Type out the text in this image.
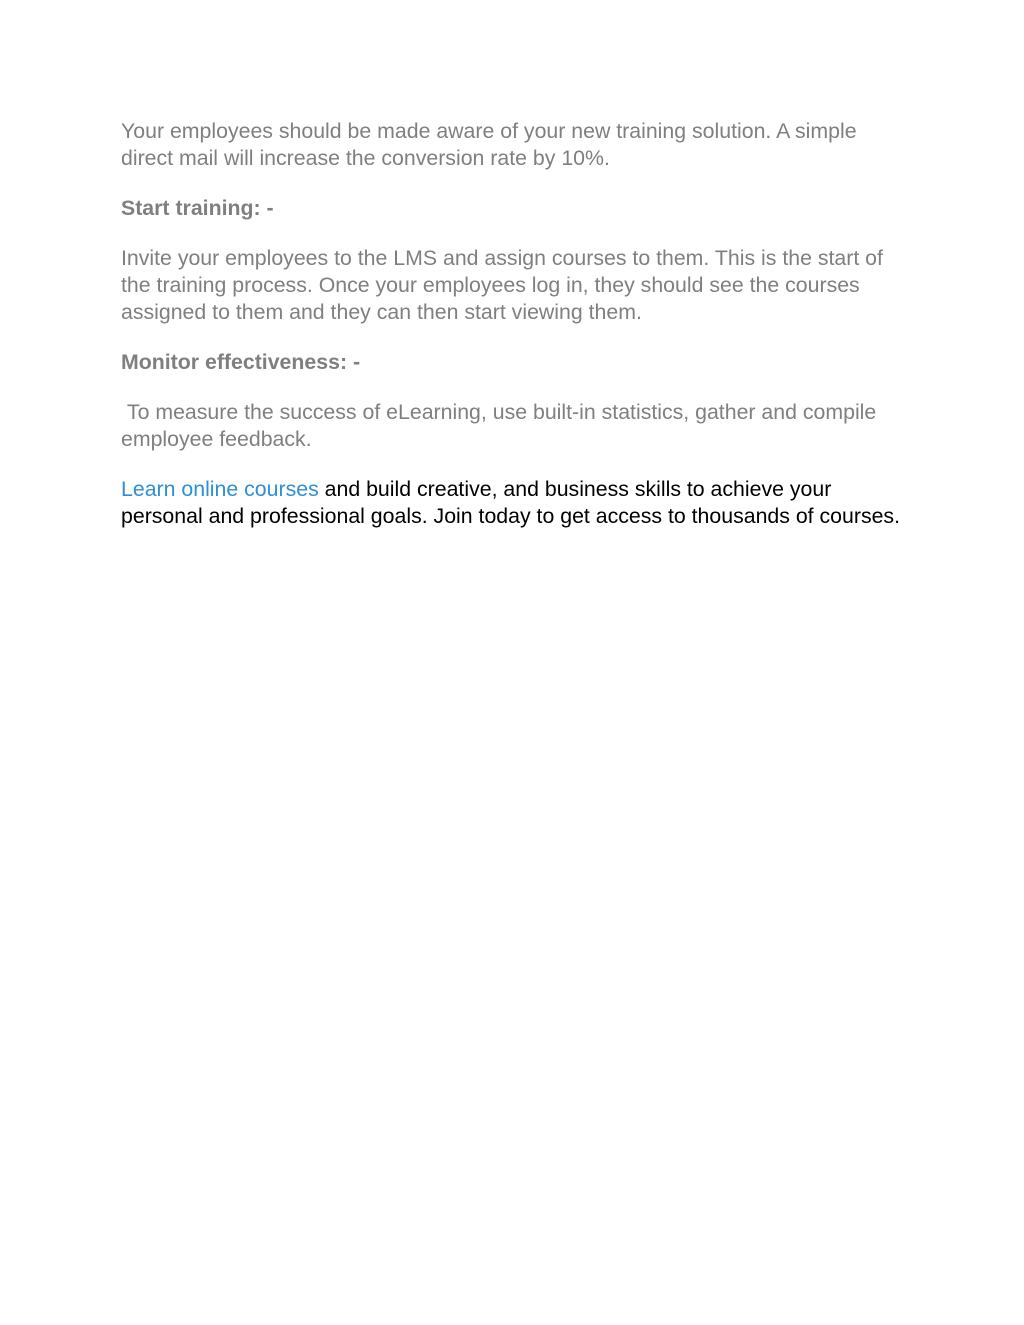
Your employees should be made aware of your new training solution. A simple direct mail will increase the conversion rate by 10%.

Start training: -

Invite your employees to the LMS and assign courses to them. This is the start of the training process. Once your employees log in, they should see the courses assigned to them and they can then start viewing them.

Monitor effectiveness: -

To measure the success of eLearning, use built-in statistics, gather and compile employee feedback.

Learn online courses and build creative, and business skills to achieve your personal and professional goals. Join today to get access to thousands of courses.
